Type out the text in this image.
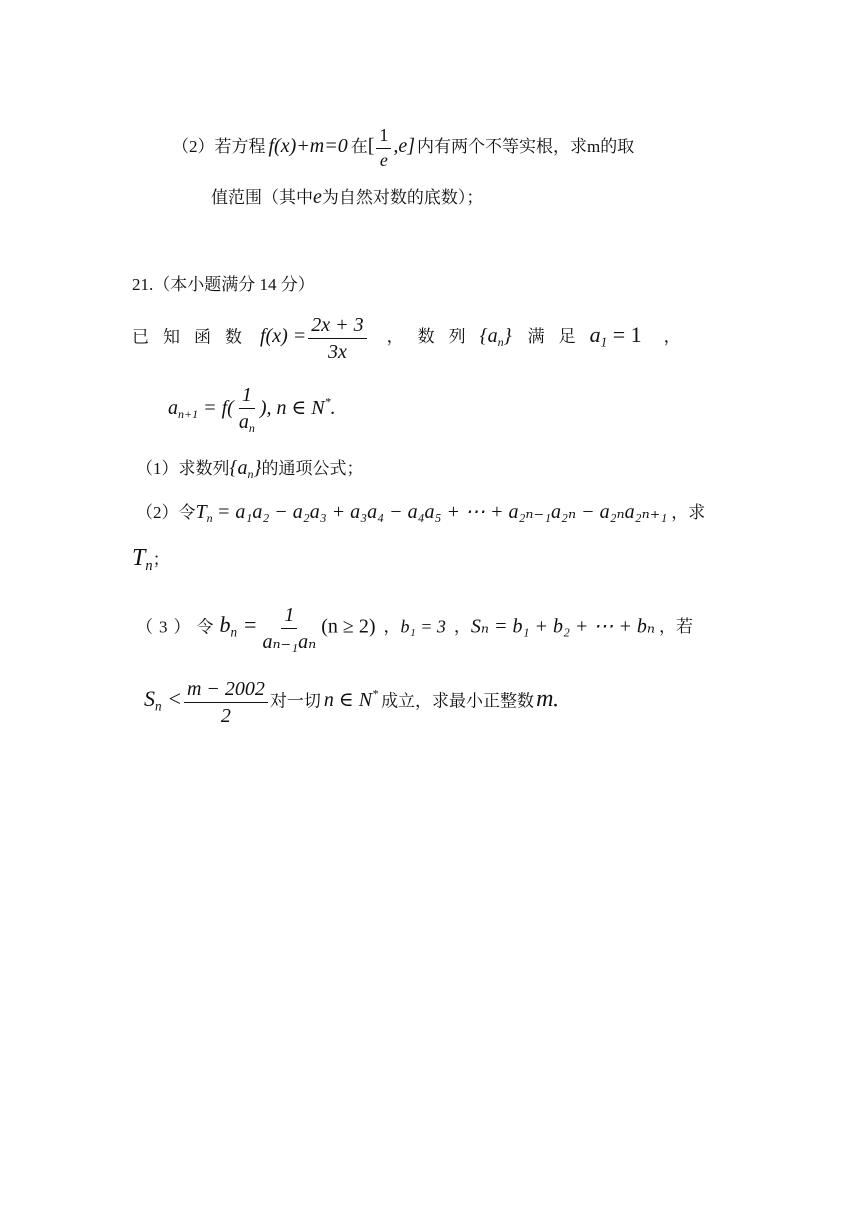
（2）若方程 f(x)+m=0 在[ $\frac{1}{e} ,e$] 内有两个不等实根，求m的取
值范围（其中e为自然对数的底数）；
21.（本小题满分 14 分）
已知函数 $f(x) = \frac{2x + 3}{3x}$ ，数列$\{a_n\}$ 满足$a_1 = 1$ ，
$a_{n+1} = f( \frac{1}{a_n}$ ), n ∈ N*.
（1）求数列$\{a_n\}$的通项公式；
（2）令$T_n = a_1a_2 - a_2a_3 + a_3a_4 - a_4a_5$ + ⋯ + a₂ₙ₋₁a₂ₙ − a₂ₙa₂ₙ₊₁ ，求
$T_n$；
（3）令$b_n = \frac{1}{\text{aₙ₋₁aₙ}} (n \ge 2)$ ，b₁ = 3 ，Sₙ = b₁ + b₂ + ⋯ + bₙ ，若
$S_n < \frac{m - 2002}{2}$ 对一切 n ∈ N* 成立，求最小正整数m.
